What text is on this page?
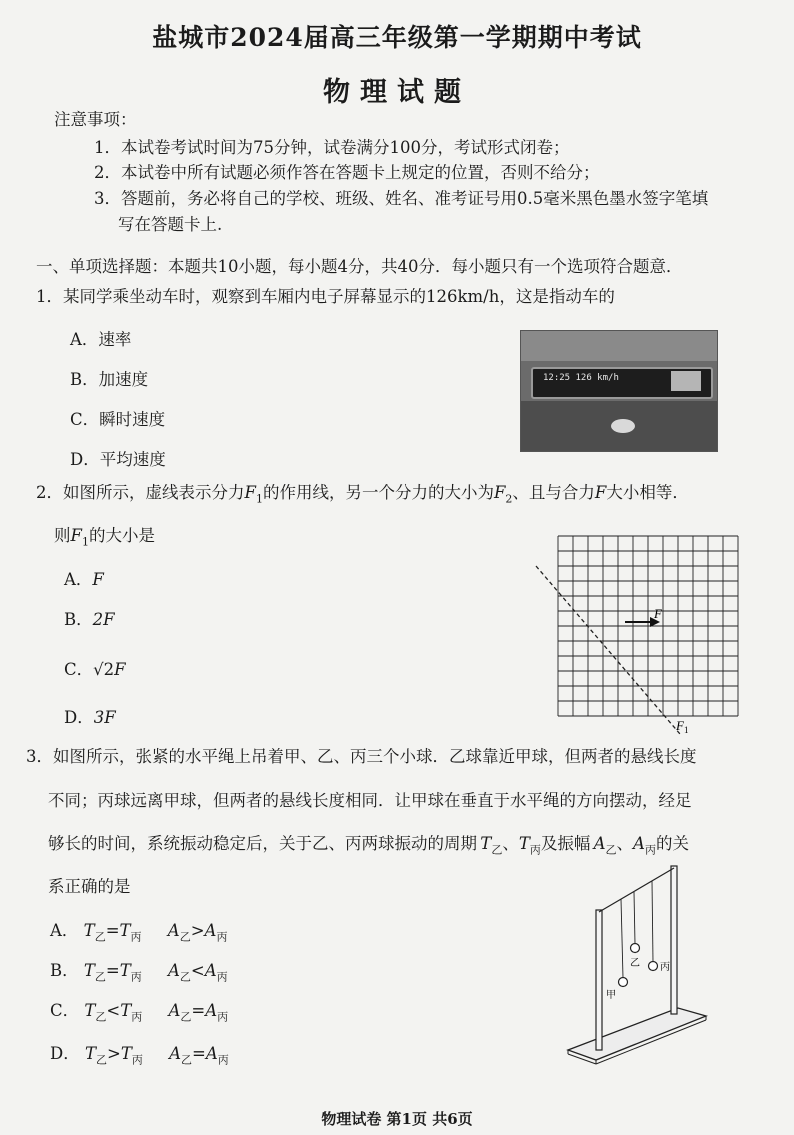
盐城市2024届高三年级第一学期期中考试
物理试题
注意事项：
1．本试卷考试时间为75分钟，试卷满分100分，考试形式闭卷；
2．本试卷中所有试题必须作答在答题卡上规定的位置，否则不给分；
3．答题前，务必将自己的学校、班级、姓名、准考证号用0.5毫米黑色墨水签字笔填
写在答题卡上.
一、单项选择题：本题共10小题，每小题4分，共40分．每小题只有一个选项符合题意．
1．某同学乘坐动车时，观察到车厢内电子屏幕显示的126km/h，这是指动车的
A．速率
B．加速度
C．瞬时速度
D．平均速度
12:25 126 km/h
2．如图所示，虚线表示分力$F_1$的作用线，另一个分力的大小为$F_2$、且与合力F大小相等．
则$F_1$的大小是
A．F
B．2F
C．√2F
D．3F
F
$F_1$
3．如图所示，张紧的水平绳上吊着甲、乙、丙三个小球．乙球靠近甲球，但两者的悬线长度
不同；丙球远离甲球，但两者的悬线长度相同．让甲球在垂直于水平绳的方向摆动，经足
够长的时间，系统振动稳定后，关于乙、丙两球振动的周期  $T_乙$、$T_丙$及振幅  $A_乙$、$A_丙$的关
系正确的是
A． $T_乙=T_丙$ $A_乙>A_丙$
B． $T_乙=T_丙$ $A_乙<A_丙$
C． $T_乙<T_丙$ $A_乙=A_丙$
D． $T_乙>T_丙$ $A_乙=A_丙$
甲
乙 丙
物理试卷 第1页 共6页
